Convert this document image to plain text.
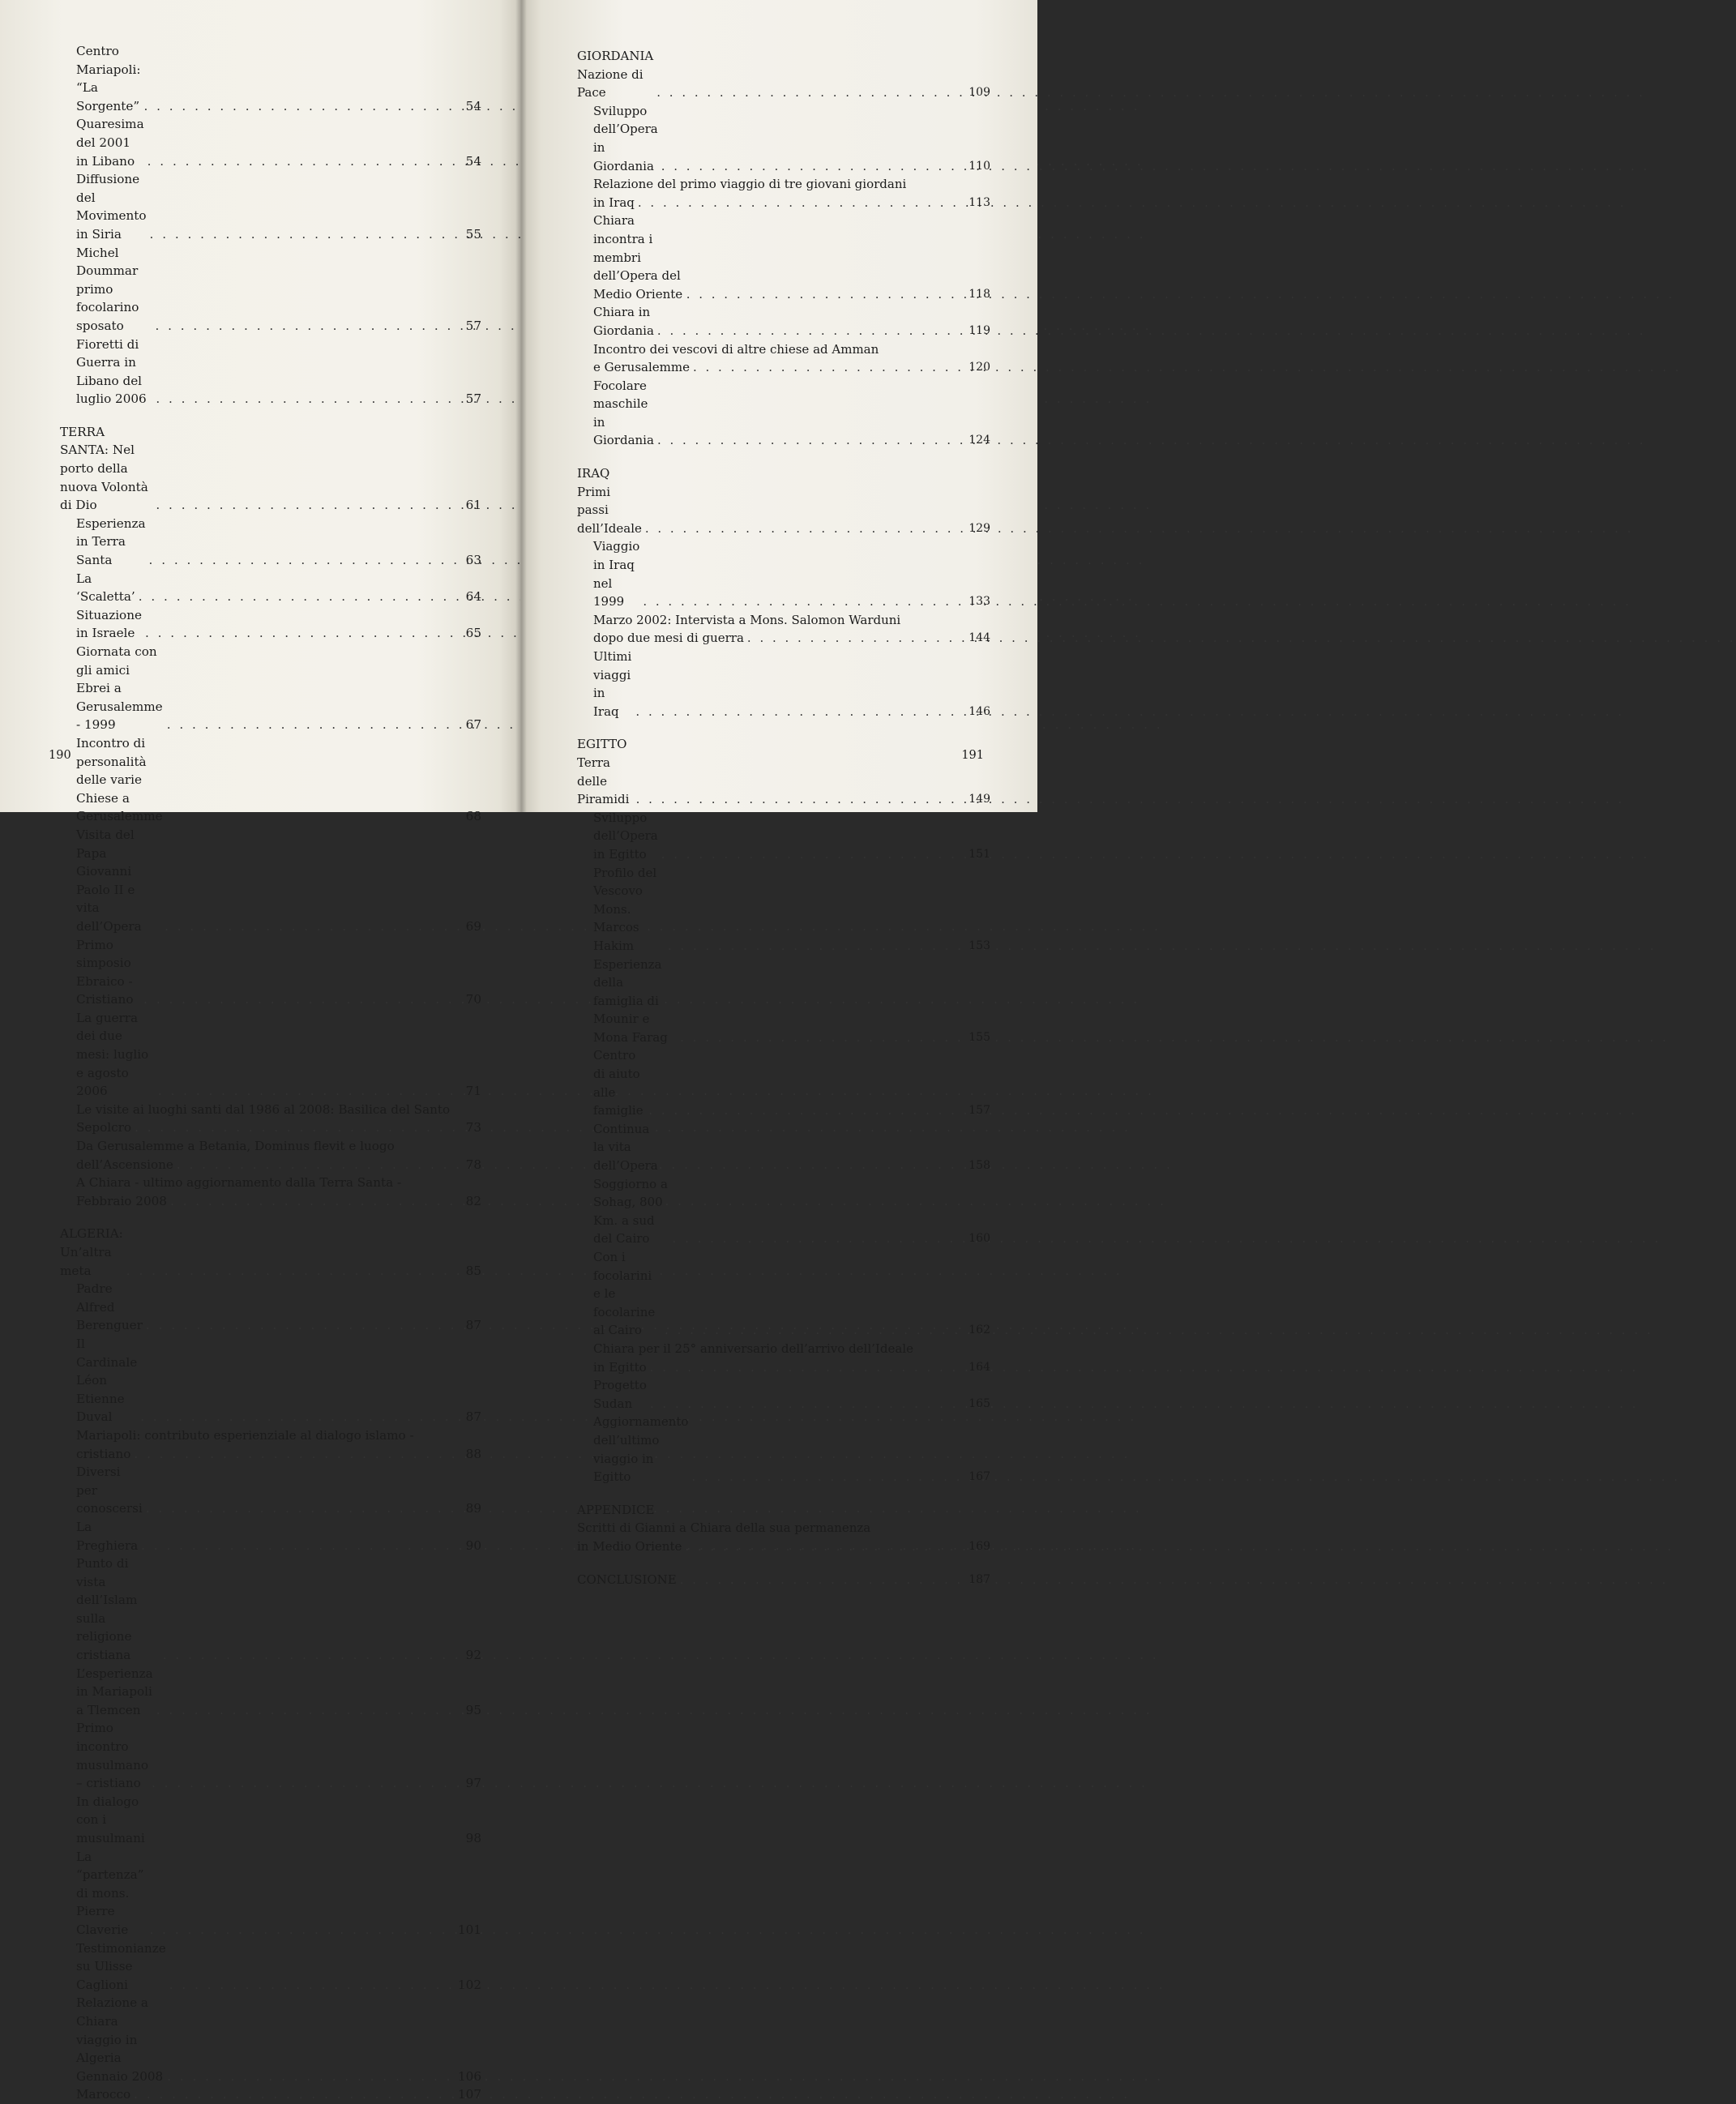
Centro Mariapoli: “La Sorgente” . . .	54
Quaresima del 2001 in Libano . . .	54
Diffusione del Movimento in Siria . . .	55
Michel Doummar primo focolarino sposato . . .	57
Fioretti di Guerra in Libano del luglio 2006 . . .	57
TERRA SANTA: Nel porto della nuova Volontà di Dio . . .	61
Esperienza in Terra Santa . . .	63
La ‘Scaletta’ . . .	64
Situazione in Israele . . .	65
Giornata con gli amici Ebrei a Gerusalemme - 1999 . . .	67
Incontro di personalità delle varie Chiese a Gerusalemme	68
Visita del Papa Giovanni Paolo II e vita dell’Opera . . .	69
Primo simposio Ebraico - Cristiano . . .	70
La guerra dei due mesi: luglio e agosto 2006 . . .	71
Le visite ai luoghi santi dal 1986 al 2008: Basilica del Santo
Sepolcro . . .	73
Da Gerusalemme a Betania, Dominus flevit e luogo
dell’Ascensione . . .	78
A Chiara - ultimo aggiornamento dalla Terra Santa -
Febbraio 2008 . . .	82
ALGERIA: Un’altra meta . . .	85
Padre Alfred Berenguer . . .	87
Il Cardinale Léon Etienne Duval . . .	87
Mariapoli: contributo esperienziale al dialogo islamo -
cristiano . . .	88
Diversi per conoscersi . . .	89
La Preghiera . . .	90
Punto di vista dell’Islam sulla religione cristiana . . .	92
L’esperienza in Mariapoli a Tlemcen . . .	95
Primo incontro musulmano – cristiano . . .	97
In dialogo con i musulmani	98
La “partenza” di mons. Pierre Claverie . . .	101
Testimonianze su Ulisse Caglioni . . .	102
Relazione a Chiara viaggio in Algeria Gennaio 2008 . . .	106
Marocco . . .	107
190
GIORDANIA Nazione di Pace . . .	109
Sviluppo dell’Opera in Giordania . . .	110
Relazione del primo viaggio di tre giovani giordani
in Iraq . . .	113
Chiara incontra i membri dell’Opera del Medio Oriente . . .	118
Chiara in Giordania . . .	119
Incontro dei vescovi di altre chiese ad Amman
e Gerusalemme . . .	120
Focolare maschile in Giordania . . .	124
IRAQ Primi passi dell’Ideale . . .	129
Viaggio in Iraq nel 1999 . . .	133
Marzo 2002: Intervista a Mons. Salomon Warduni
dopo due mesi di guerra . . .	144
Ultimi viaggi in Iraq . . .	146
EGITTO Terra delle Piramidi . . .	149
Sviluppo dell’Opera in Egitto . . .	151
Profilo del Vescovo Mons. Marcos Hakim . . .	153
Esperienza della famiglia di Mounir e Mona Farag . . .	155
Centro di aiuto alle famiglie . . .	157
Continua la vita dell’Opera	158
Soggiorno a Sohag, 800 Km. a sud del Cairo . . .	160
Con i focolarini e le focolarine al Cairo . . .	162
Chiara per il 25° anniversario dell’arrivo dell’Ideale
in Egitto . . .	164
Progetto Sudan . . .	165
Aggiornamento dell’ultimo viaggio in Egitto . . .	167
APPENDICE
Scritti di Gianni a Chiara della sua permanenza
in Medio Oriente . . .	169
CONCLUSIONE . . .	187
191
